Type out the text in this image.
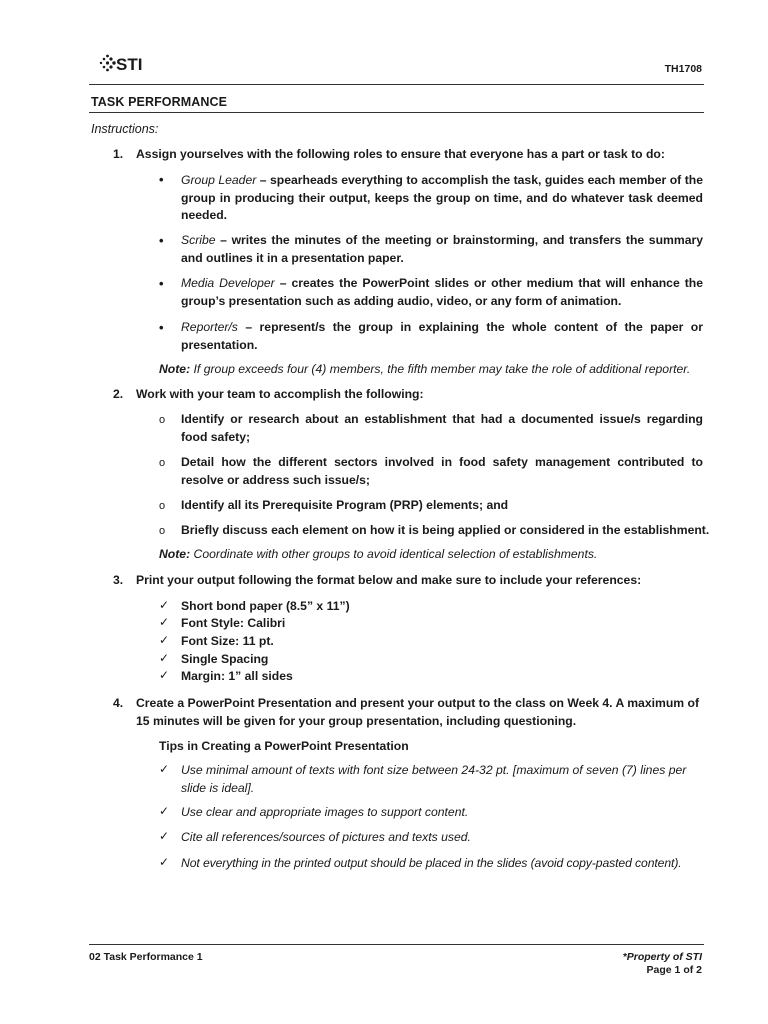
STI	TH1708
TASK PERFORMANCE
Instructions:
1. Assign yourselves with the following roles to ensure that everyone has a part or task to do:
• Group Leader – spearheads everything to accomplish the task, guides each member of the group in producing their output, keeps the group on time, and do whatever task deemed needed.
• Scribe – writes the minutes of the meeting or brainstorming, and transfers the summary and outlines it in a presentation paper.
• Media Developer – creates the PowerPoint slides or other medium that will enhance the group’s presentation such as adding audio, video, or any form of animation.
• Reporter/s – represent/s the group in explaining the whole content of the paper or presentation.
Note: If group exceeds four (4) members, the fifth member may take the role of additional reporter.
2. Work with your team to accomplish the following:
o Identify or research about an establishment that had a documented issue/s regarding food safety;
o Detail how the different sectors involved in food safety management contributed to resolve or address such issue/s;
o Identify all its Prerequisite Program (PRP) elements; and
o Briefly discuss each element on how it is being applied or considered in the establishment.
Note: Coordinate with other groups to avoid identical selection of establishments.
3. Print your output following the format below and make sure to include your references:
✓ Short bond paper (8.5” x 11”)
✓ Font Style: Calibri
✓ Font Size: 11 pt.
✓ Single Spacing
✓ Margin: 1” all sides
4. Create a PowerPoint Presentation and present your output to the class on Week 4. A maximum of 15 minutes will be given for your group presentation, including questioning.
Tips in Creating a PowerPoint Presentation
✓ Use minimal amount of texts with font size between 24-32 pt. [maximum of seven (7) lines per slide is ideal].
✓ Use clear and appropriate images to support content.
✓ Cite all references/sources of pictures and texts used.
✓ Not everything in the printed output should be placed in the slides (avoid copy-pasted content).
02 Task Performance 1	*Property of STI
Page 1 of 2
